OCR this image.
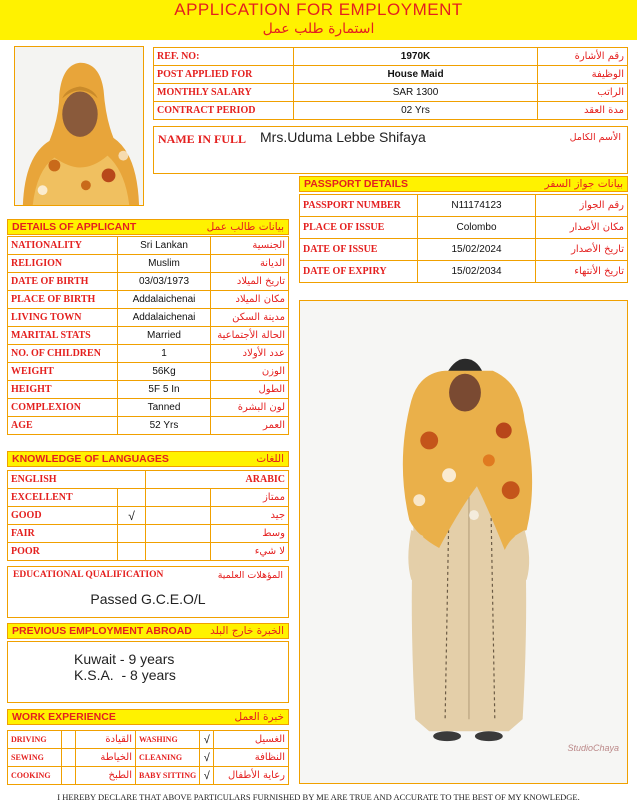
APPLICATION FOR EMPLOYMENT
استمارة طلب عمل
REF. NO:	1970K	رقم الأشارة
POST APPLIED FOR	House Maid	الوظيفة
MONTHLY SALARY	SAR 1300	الراتب
CONTRACT PERIOD	02 Yrs	مدة العقد
NAME IN FULL Mrs.Uduma Lebbe Shifaya	الأسم الكامل
PASSPORT DETAILS	بيانات جواز السفر
PASSPORT NUMBER	N11174123	رقم الجواز
PLACE OF ISSUE	Colombo	مكان الأصدار
DATE OF ISSUE	15/02/2024	تاريخ الأصدار
DATE OF EXPIRY	15/02/2034	تاريخ الأنتهاء
DETAILS OF APPLICANT	بيانات طالب عمل
NATIONALITY	Sri Lankan	الجنسية
RELIGION	Muslim	الديانة
DATE OF BIRTH	03/03/1973	تاريخ الميلاد
PLACE OF BIRTH	Addalaichenai	مكان الميلاد
LIVING TOWN	Addalaichenai	مدينة السكن
MARITAL STATS	Married	الحالة الأجتماعية
NO. OF CHILDREN	1	عدد الأولاد
WEIGHT	56Kg	الوزن
HEIGHT	5F 5 In	الطول
COMPLEXION	Tanned	لون البشرة
AGE	52 Yrs	العمر
KNOWLEDGE OF LANGUAGES	اللغات
ENGLISH		ARABIC	
EXCELLENT			ممتاز
GOOD	√		جيد
FAIR			وسط
POOR			لا شيء
EDUCATIONAL QUALIFICATION	المؤهلات العلمية
Passed G.C.E.O/L
PREVIOUS EMPLOYMENT ABROAD الخبرة خارج البلد
Kuwait - 9 years
K.S.A.  - 8 years
WORK EXPERIENCE	خبرة العمل
DRIVING		القيادة	WASHING	√	الغسيل
SEWING		الخياطة	CLEANING	√	النظافة
COOKING		الطبخ	BABY SITTING	√	رعاية الأطفال
StudioChaya
I HEREBY DECLARE THAT ABOVE PARTICULARS FURNISHED BY ME ARE TRUE AND ACCURATE TO THE BEST OF MY KNOWLEDGE.
